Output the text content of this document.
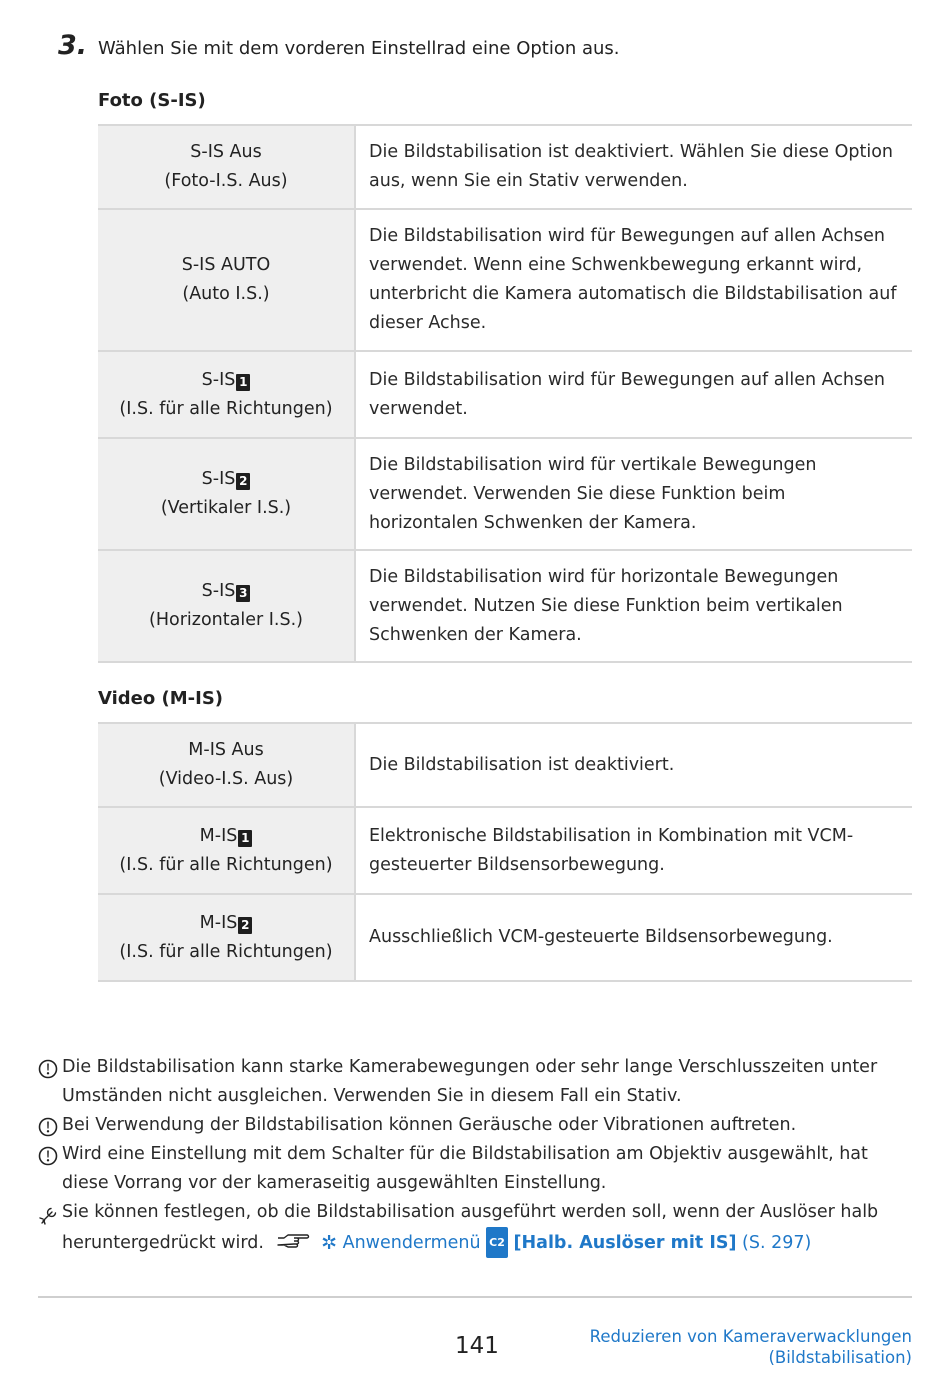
3. Wählen Sie mit dem vorderen Einstellrad eine Option aus.
Foto (S-IS)
S-IS Aus
(Foto-I.S. Aus)	Die Bildstabilisation ist deaktiviert. Wählen Sie diese Option aus, wenn Sie ein Stativ verwenden.

S-IS AUTO
(Auto I.S.)	Die Bildstabilisation wird für Bewegungen auf allen Achsen verwendet. Wenn eine Schwenkbewegung erkannt wird, unterbricht die Kamera automatisch die Bildstabilisation auf dieser Achse.

S-IS 1
(I.S. für alle Richtungen)	Die Bildstabilisation wird für Bewegungen auf allen Achsen verwendet.

S-IS 2
(Vertikaler I.S.)	Die Bildstabilisation wird für vertikale Bewegungen verwendet. Verwenden Sie diese Funktion beim horizontalen Schwenken der Kamera.

S-IS 3
(Horizontaler I.S.)	Die Bildstabilisation wird für horizontale Bewegungen verwendet. Nutzen Sie diese Funktion beim vertikalen Schwenken der Kamera.
Video (M-IS)
M-IS Aus
(Video-I.S. Aus)	Die Bildstabilisation ist deaktiviert.

M-IS 1
(I.S. für alle Richtungen)	Elektronische Bildstabilisation in Kombination mit VCM-gesteuerter Bildsensorbewegung.

M-IS 2
(I.S. für alle Richtungen)	Ausschließlich VCM-gesteuerte Bildsensorbewegung.
Die Bildstabilisation kann starke Kamerabewegungen oder sehr lange Verschlusszeiten unter Umständen nicht ausgleichen. Verwenden Sie in diesem Fall ein Stativ.
Bei Verwendung der Bildstabilisation können Geräusche oder Vibrationen auftreten.
Wird eine Einstellung mit dem Schalter für die Bildstabilisation am Objektiv ausgewählt, hat diese Vorrang vor der kameraseitig ausgewählten Einstellung.
Sie können festlegen, ob die Bildstabilisation ausgeführt werden soll, wenn der Auslöser halb heruntergedrückt wird.	✲ Anwendermenü C2 [Halb. Auslöser mit IS] (S. 297)
141	Reduzieren von Kameraverwacklungen
(Bildstabilisation)
